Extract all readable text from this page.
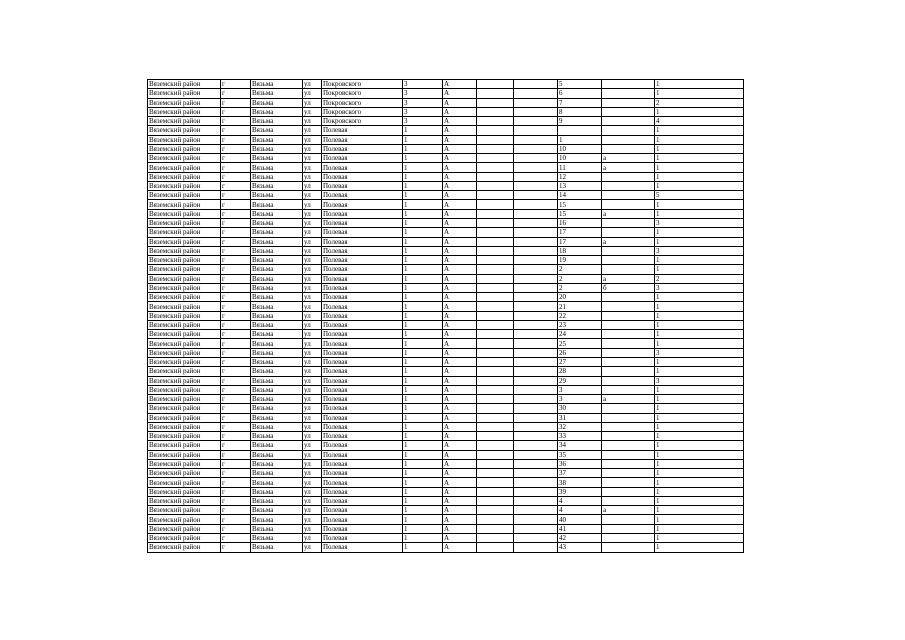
Вяземский район	г	Вязьма	ул	Покровского	3	А			5		1
Вяземский район	г	Вязьма	ул	Покровского	3	А			6		1
Вяземский район	г	Вязьма	ул	Покровского	3	А			7		2
Вяземский район	г	Вязьма	ул	Покровского	3	А			8		1
Вяземский район	г	Вязьма	ул	Покровского	3	А			9		4
Вяземский район	г	Вязьма	ул	Полевая	1	А					1
Вяземский район	г	Вязьма	ул	Полевая	1	А			1		1
Вяземский район	г	Вязьма	ул	Полевая	1	А			10		1
Вяземский район	г	Вязьма	ул	Полевая	1	А			10	а	1
Вяземский район	г	Вязьма	ул	Полевая	1	А			11	а	1
Вяземский район	г	Вязьма	ул	Полевая	1	А			12		1
Вяземский район	г	Вязьма	ул	Полевая	1	А			13		1
Вяземский район	г	Вязьма	ул	Полевая	1	А			14		5
Вяземский район	г	Вязьма	ул	Полевая	1	А			15		1
Вяземский район	г	Вязьма	ул	Полевая	1	А			15	а	1
Вяземский район	г	Вязьма	ул	Полевая	1	А			16		3
Вяземский район	г	Вязьма	ул	Полевая	1	А			17		1
Вяземский район	г	Вязьма	ул	Полевая	1	А			17	а	1
Вяземский район	г	Вязьма	ул	Полевая	1	А			18		3
Вяземский район	г	Вязьма	ул	Полевая	1	А			19		1
Вяземский район	г	Вязьма	ул	Полевая	1	А			2		1
Вяземский район	г	Вязьма	ул	Полевая	1	А			2	а	2
Вяземский район	г	Вязьма	ул	Полевая	1	А			2	б	3
Вяземский район	г	Вязьма	ул	Полевая	1	А			20		1
Вяземский район	г	Вязьма	ул	Полевая	1	А			21		1
Вяземский район	г	Вязьма	ул	Полевая	1	А			22		1
Вяземский район	г	Вязьма	ул	Полевая	1	А			23		1
Вяземский район	г	Вязьма	ул	Полевая	1	А			24		1
Вяземский район	г	Вязьма	ул	Полевая	1	А			25		1
Вяземский район	г	Вязьма	ул	Полевая	1	А			26		3
Вяземский район	г	Вязьма	ул	Полевая	1	А			27		1
Вяземский район	г	Вязьма	ул	Полевая	1	А			28		1
Вяземский район	г	Вязьма	ул	Полевая	1	А			29		3
Вяземский район	г	Вязьма	ул	Полевая	1	А			3		1
Вяземский район	г	Вязьма	ул	Полевая	1	А			3	а	1
Вяземский район	г	Вязьма	ул	Полевая	1	А			30		1
Вяземский район	г	Вязьма	ул	Полевая	1	А			31		1
Вяземский район	г	Вязьма	ул	Полевая	1	А			32		1
Вяземский район	г	Вязьма	ул	Полевая	1	А			33		1
Вяземский район	г	Вязьма	ул	Полевая	1	А			34		1
Вяземский район	г	Вязьма	ул	Полевая	1	А			35		1
Вяземский район	г	Вязьма	ул	Полевая	1	А			36		1
Вяземский район	г	Вязьма	ул	Полевая	1	А			37		1
Вяземский район	г	Вязьма	ул	Полевая	1	А			38		1
Вяземский район	г	Вязьма	ул	Полевая	1	А			39		1
Вяземский район	г	Вязьма	ул	Полевая	1	А			4		1
Вяземский район	г	Вязьма	ул	Полевая	1	А			4	а	1
Вяземский район	г	Вязьма	ул	Полевая	1	А			40		1
Вяземский район	г	Вязьма	ул	Полевая	1	А			41		1
Вяземский район	г	Вязьма	ул	Полевая	1	А			42		1
Вяземский район	г	Вязьма	ул	Полевая	1	А			43		1
